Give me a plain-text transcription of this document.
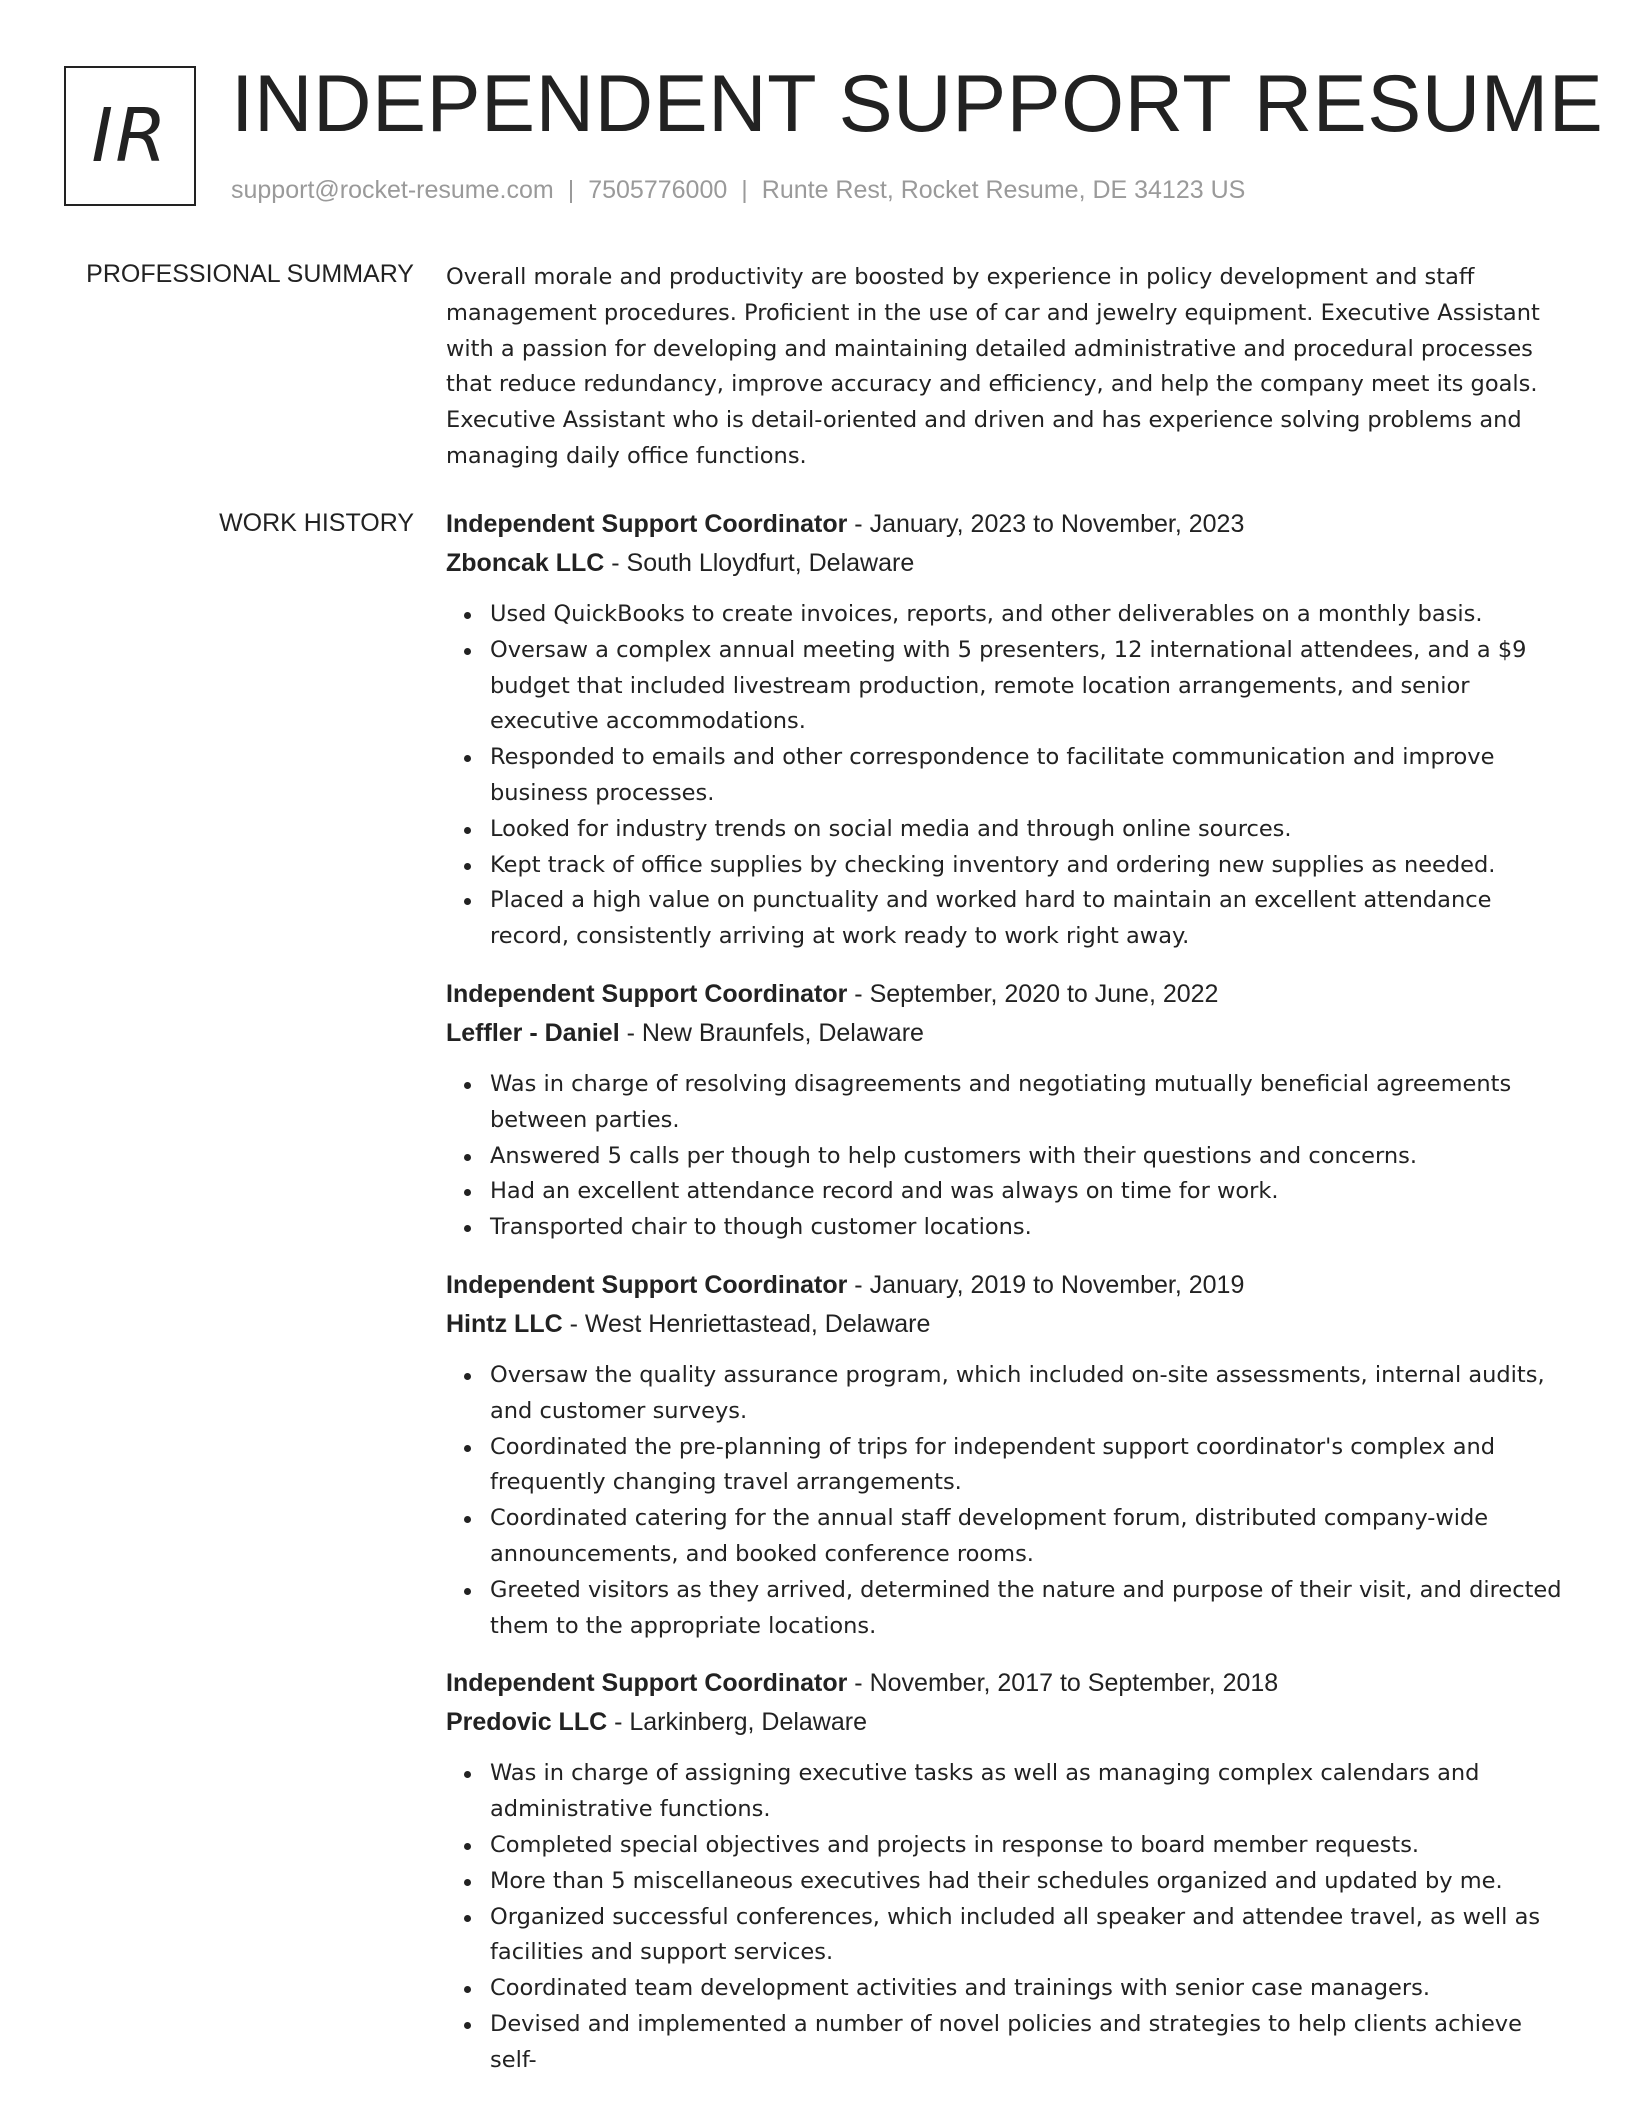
IR INDEPENDENT SUPPORT RESUME
support@rocket-resume.com | 7505776000 | Runte Rest, Rocket Resume, DE 34123 US
PROFESSIONAL SUMMARY Overall morale and productivity are boosted by experience in policy development and staff management procedures. Proficient in the use of car and jewelry equipment. Executive Assistant with a passion for developing and maintaining detailed administrative and procedural processes that reduce redundancy, improve accuracy and efficiency, and help the company meet its goals. Executive Assistant who is detail-oriented and driven and has experience solving problems and managing daily office functions.

WORK HISTORY Independent Support Coordinator - January, 2023 to November, 2023
Zboncak LLC - South Lloydfurt, Delaware
Used QuickBooks to create invoices, reports, and other deliverables on a monthly basis.
Oversaw a complex annual meeting with 5 presenters, 12 international attendees, and a $9 budget that included livestream production, remote location arrangements, and senior executive accommodations.
Responded to emails and other correspondence to facilitate communication and improve business processes.
Looked for industry trends on social media and through online sources.
Kept track of office supplies by checking inventory and ordering new supplies as needed.
Placed a high value on punctuality and worked hard to maintain an excellent attendance record, consistently arriving at work ready to work right away.
Independent Support Coordinator - September, 2020 to June, 2022
Leffler - Daniel - New Braunfels, Delaware
Was in charge of resolving disagreements and negotiating mutually beneficial agreements between parties.
Answered 5 calls per though to help customers with their questions and concerns.
Had an excellent attendance record and was always on time for work.
Transported chair to though customer locations.
Independent Support Coordinator - January, 2019 to November, 2019
Hintz LLC - West Henriettastead, Delaware
Oversaw the quality assurance program, which included on-site assessments, internal audits, and customer surveys.
Coordinated the pre-planning of trips for independent support coordinator's complex and frequently changing travel arrangements.
Coordinated catering for the annual staff development forum, distributed company-wide announcements, and booked conference rooms.
Greeted visitors as they arrived, determined the nature and purpose of their visit, and directed them to the appropriate locations.
Independent Support Coordinator - November, 2017 to September, 2018
Predovic LLC - Larkinberg, Delaware
Was in charge of assigning executive tasks as well as managing complex calendars and administrative functions.
Completed special objectives and projects in response to board member requests.
More than 5 miscellaneous executives had their schedules organized and updated by me.
Organized successful conferences, which included all speaker and attendee travel, as well as facilities and support services.
Coordinated team development activities and trainings with senior case managers.
Devised and implemented a number of novel policies and strategies to help clients achieve self-
